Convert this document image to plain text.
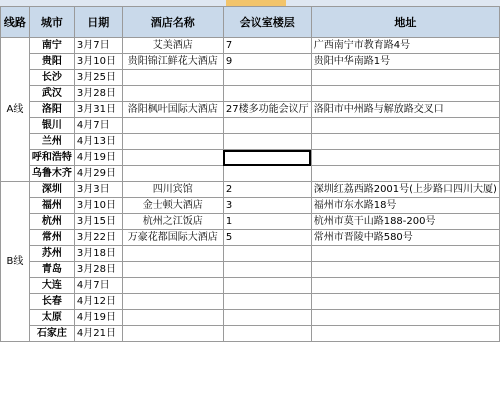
线路	城市	日期	酒店名称	会议室楼层	地址
A线	南宁	3月7日	艾美酒店	7	广西南宁市教育路4号
	贵阳	3月10日	贵阳锦江鲜花大酒店	9	贵阳中华南路1号
	长沙	3月25日			
	武汉	3月28日			
	洛阳	3月31日	洛阳枫叶国际大酒店	27楼多功能会议厅	洛阳市中州路与解放路交叉口
	银川	4月7日			
	兰州	4月13日			
	呼和浩特	4月19日			
	乌鲁木齐	4月29日			
B线	深圳	3月3日	四川宾馆	2	深圳红荔西路2001号(上步路口四川大厦)
	福州	3月10日	金士顿大酒店	3	福州市东水路18号
	杭州	3月15日	杭州之江饭店	1	杭州市莫干山路188-200号
	常州	3月22日	万豪花都国际大酒店	5	常州市晋陵中路580号
	苏州	3月18日			
	青岛	3月28日			
	大连	4月7日			
	长春	4月12日			
	太原	4月19日			
	石家庄	4月21日			
